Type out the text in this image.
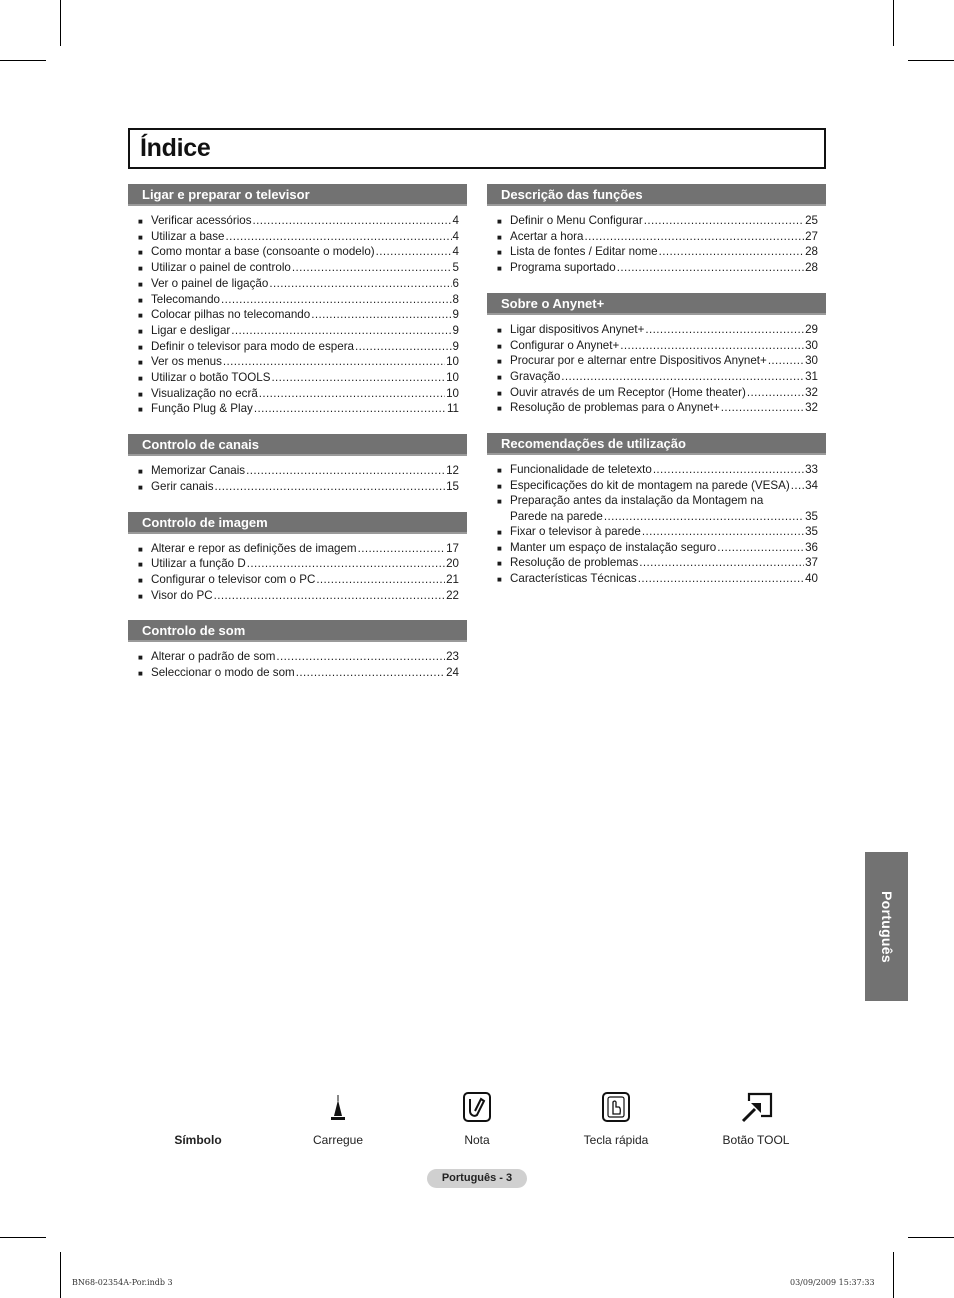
Índice
Ligar e preparar o televisor
■ Verificar acessórios .....	4
■ Utilizar a base .....	4
■ Como montar a base (consoante o modelo) .....	4
■ Utilizar o painel de controlo .....	5
■ Ver o painel de ligação .....	6
■ Telecomando .....	8
■ Colocar pilhas no telecomando .....	9
■ Ligar e desligar .....	9
■ Definir o televisor para modo de espera .....	9
■ Ver os menus .....	10
■ Utilizar o botão TOOLS .....	10
■ Visualização no ecrã .....	10
■ Função Plug & Play .....	11
Controlo de canais
■ Memorizar Canais .....	12
■ Gerir canais .....	15
Controlo de imagem
■ Alterar e repor as definições de imagem .....	17
■ Utilizar a função D .....	20
■ Configurar o televisor com o PC .....	21
■ Visor do PC .....	22
Controlo de som
■ Alterar o padrão de som .....	23
■ Seleccionar o modo de som .....	24
Descrição das funções
■ Definir o Menu Configurar .....	25
■ Acertar a hora .....	27
■ Lista de fontes / Editar nome .....	28
■ Programa suportado .....	28
Sobre o Anynet+
■ Ligar dispositivos Anynet+ .....	29
■ Configurar o Anynet+ .....	30
■ Procurar por e alternar entre Dispositivos Anynet+ .....	30
■ Gravação .....	31
■ Ouvir através de um Receptor (Home theater) .....	32
■ Resolução de problemas para o Anynet+ .....	32
Recomendações de utilização
■ Funcionalidade de teletexto .....	33
■ Especificações do kit de montagem na parede (VESA) ..... 34
■ Preparação antes da instalação da Montagem na
Parede na parede .....	35
■ Fixar o televisor à parede .....	35
■ Manter um espaço de instalação seguro .....	36
■ Resolução de problemas .....	37
■ Características Técnicas .....	40
Português
Símbolo	Carregue	Nota	Tecla rápida	Botão TOOL
Português - 3
BN68-02354A-Por.indb 3	03/09/2009 15:37:33
